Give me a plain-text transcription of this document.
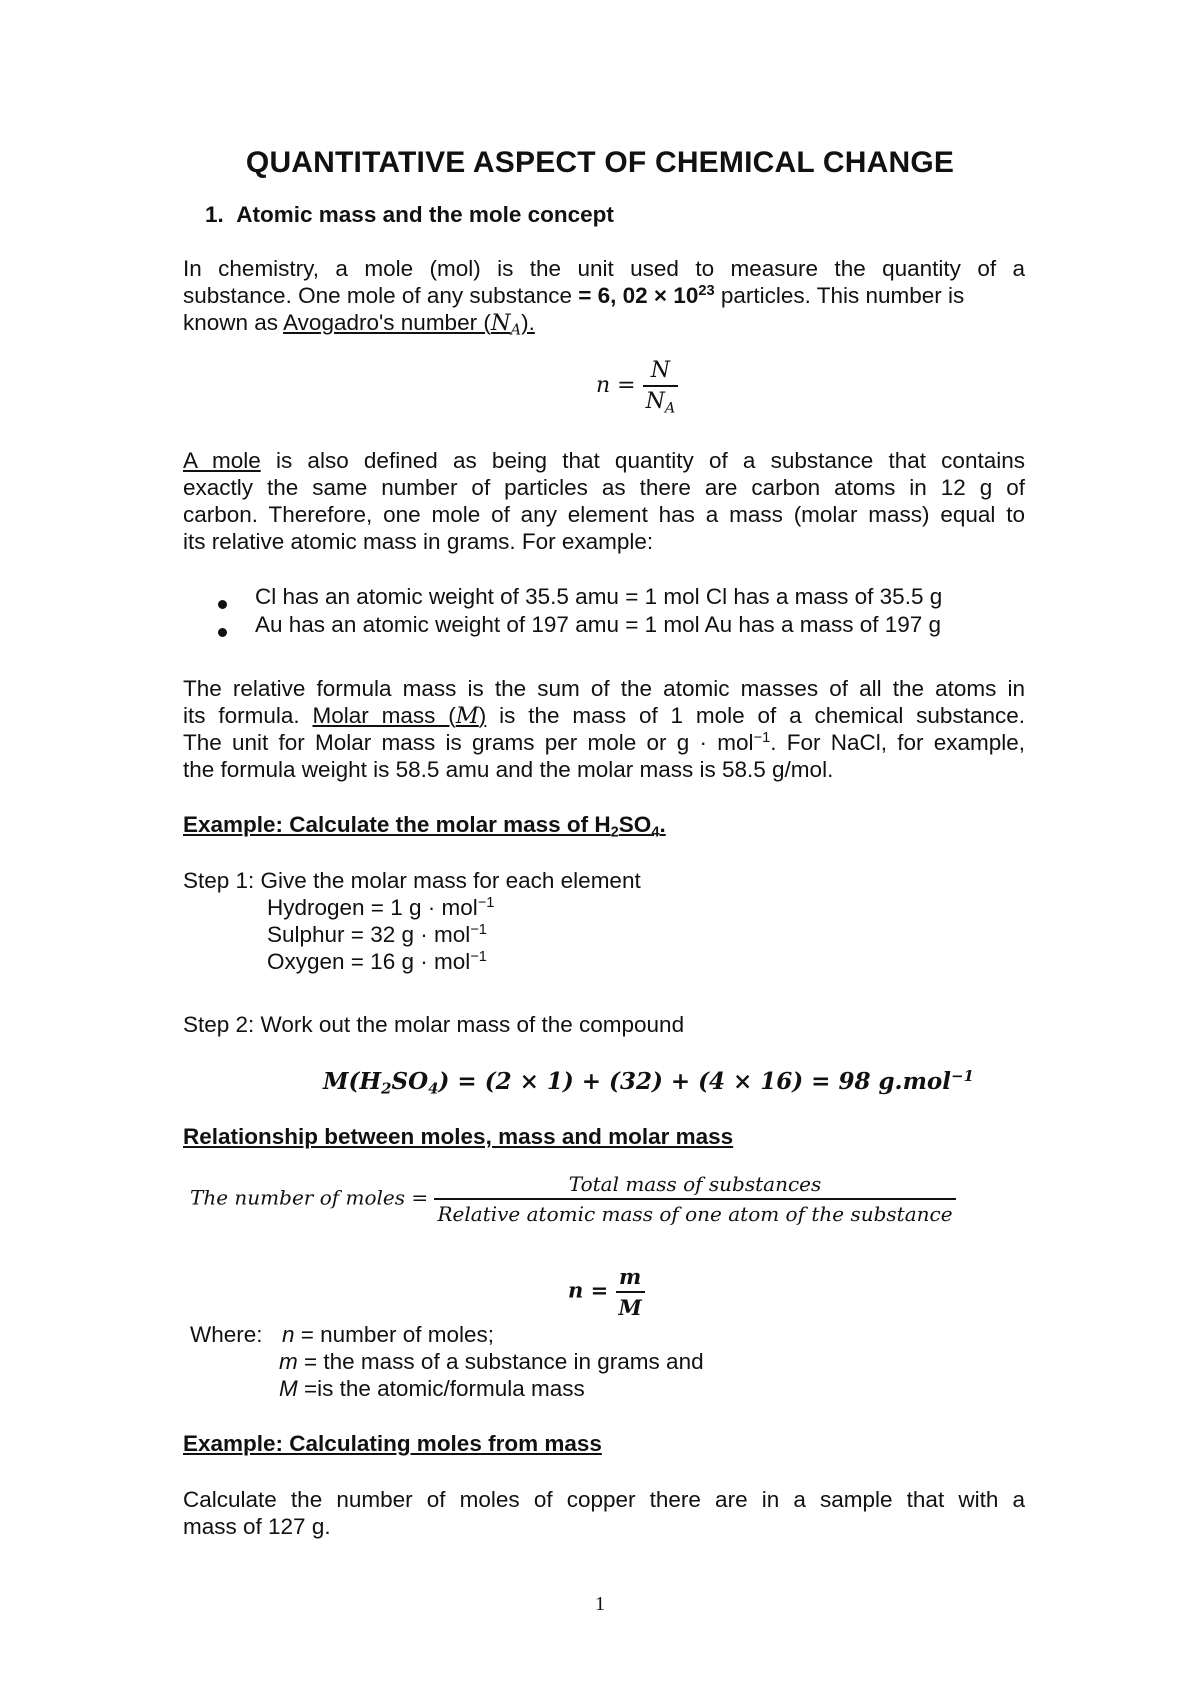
QUANTITATIVE ASPECT OF CHEMICAL CHANGE
1. Atomic mass and the mole concept
In chemistry, a mole (mol) is the unit used to measure the quantity of a
substance. One mole of any substance = 6, $02 \times 10^{23}$ particles. This number is
known as Avogadro's number $(N_A)$.
$n = \frac{N}{N_A}$
A mole is also defined as being that quantity of a substance that contains
exactly the same number of particles as there are carbon atoms in 12 g of
carbon. Therefore, one mole of any element has a mass (molar mass) equal to
its relative atomic mass in grams. For example:
Cl has an atomic weight of 35.5 amu = 1 mol Cl has a mass of 35.5 g
Au has an atomic weight of 197 amu = 1 mol Au has a mass of 197 g
The relative formula mass is the sum of the atomic masses of all the atoms in
its formula. Molar mass (M) is the mass of 1 mole of a chemical substance.
The unit for Molar mass is grams per mole or g · mol$^{-1}$. For NaCl, for example,
the formula weight is 58.5 amu and the molar mass is 58.5 g/mol.
Example: Calculate the molar mass of $H_2SO_4$.
Step 1: Give the molar mass for each element
Hydrogen = 1 g · mol$^{-1}$
Sulphur = 32 g · mol$^{-1}$
Oxygen = 16 g · mol$^{-1}$
Step 2: Work out the molar mass of the compound
$M(H_2SO_4) = (2 \times 1) + (32) + (4 \times 16) = 98$ g.mol$^{-1}$
Relationship between moles, mass and molar mass
The number of moles = $\frac{\text{Total mass of substances}}{\text{Relative atomic mass of one atom of the substance}}$
$n = \frac{m}{M}$
Where: n = number of moles;
m = the mass of a substance in grams and
M =is the atomic/formula mass
Example: Calculating moles from mass
Calculate the number of moles of copper there are in a sample that with a
mass of 127 g.
1
